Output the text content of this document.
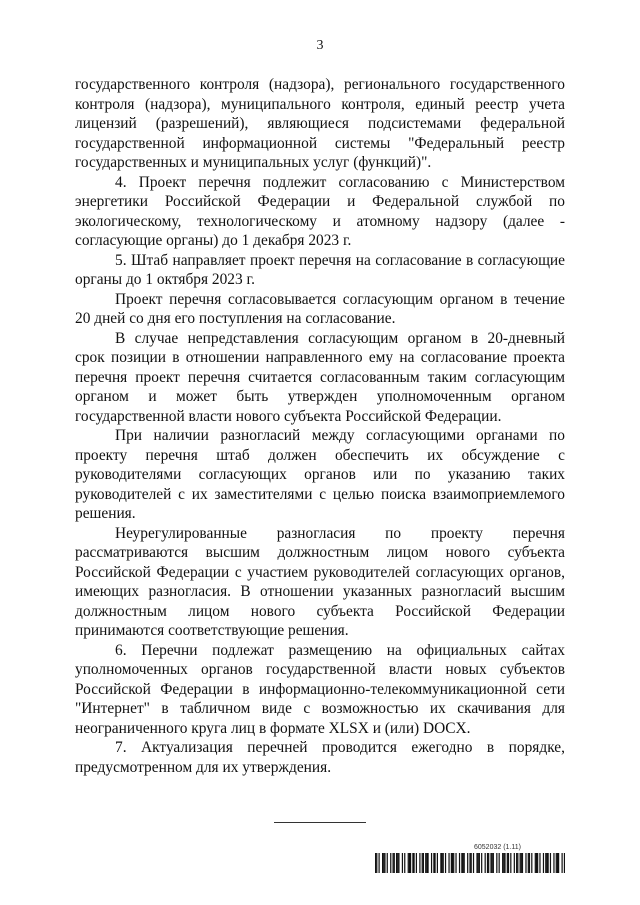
3

государственного контроля (надзора), регионального государственного контроля (надзора), муниципального контроля, единый реестр учета лицензий (разрешений), являющиеся подсистемами федеральной государственной информационной системы "Федеральный реестр государственных и муниципальных услуг (функций)".

4. Проект перечня подлежит согласованию с Министерством энергетики Российской Федерации и Федеральной службой по экологическому, технологическому и атомному надзору (далее - согласующие органы) до 1 декабря 2023 г.

5. Штаб направляет проект перечня на согласование в согласующие органы до 1 октября 2023 г.

Проект перечня согласовывается согласующим органом в течение 20 дней со дня его поступления на согласование.

В случае непредставления согласующим органом в 20-дневный срок позиции в отношении направленного ему на согласование проекта перечня проект перечня считается согласованным таким согласующим органом и может быть утвержден уполномоченным органом государственной власти нового субъекта Российской Федерации.

При наличии разногласий между согласующими органами по проекту перечня штаб должен обеспечить их обсуждение с руководителями согласующих органов или по указанию таких руководителей с их заместителями с целью поиска взаимоприемлемого решения.

Неурегулированные разногласия по проекту перечня рассматриваются высшим должностным лицом нового субъекта Российской Федерации с участием руководителей согласующих органов, имеющих разногласия. В отношении указанных разногласий высшим должностным лицом нового субъекта Российской Федерации принимаются соответствующие решения.

6. Перечни подлежат размещению на официальных сайтах уполномоченных органов государственной власти новых субъектов Российской Федерации в информационно-телекоммуникационной сети "Интернет" в табличном виде с возможностью их скачивания для неограниченного круга лиц в формате XLSX и (или) DOCX.

7. Актуализация перечней проводится ежегодно в порядке, предусмотренном для их утверждения.

6052032 (1.11)
